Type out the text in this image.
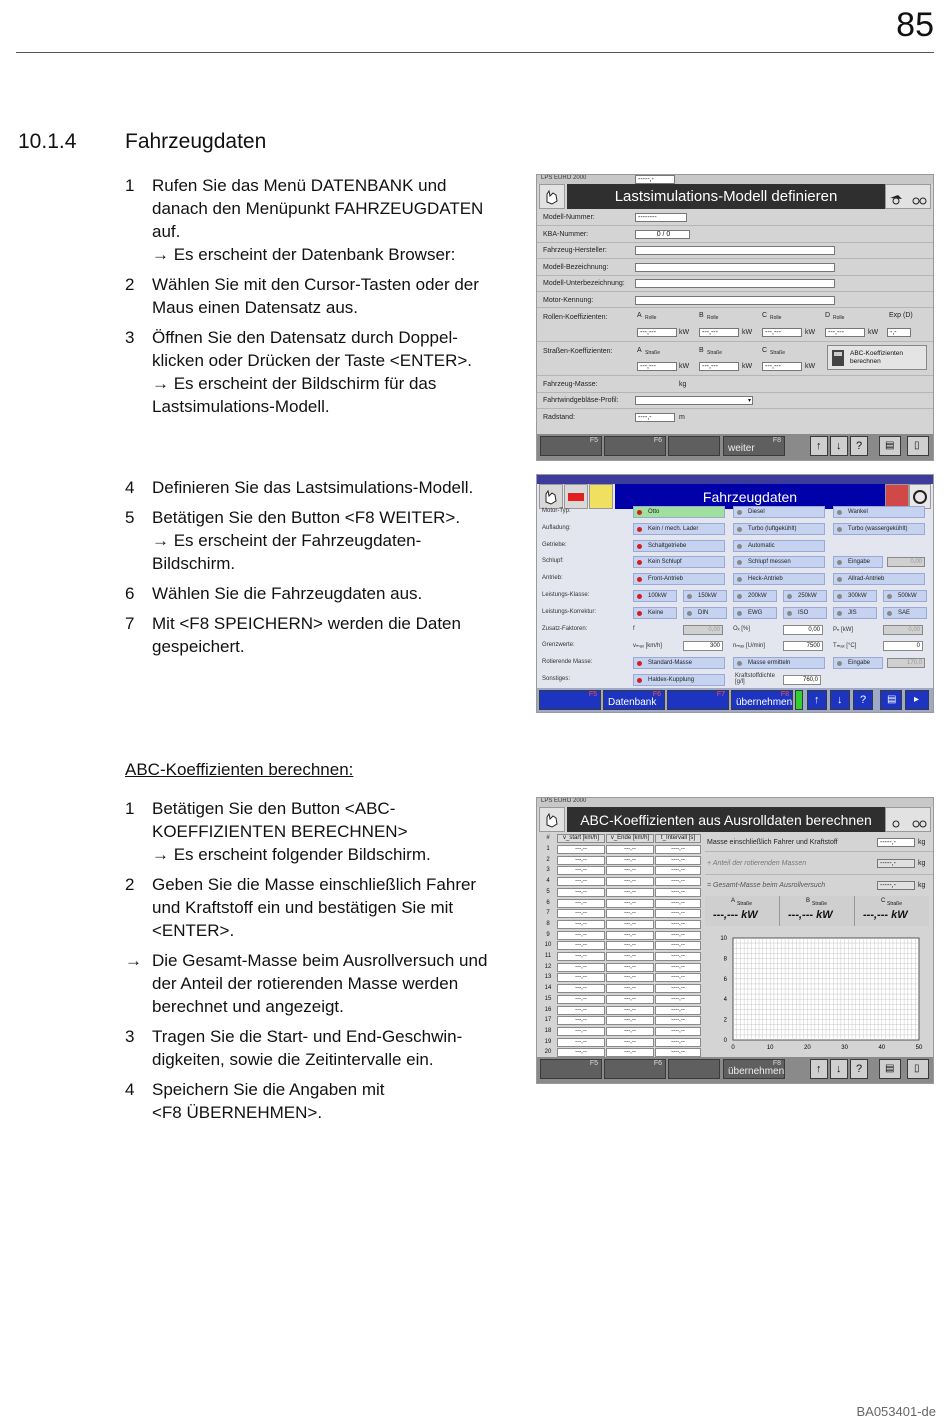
85
10.1.4 Fahrzeugdaten
1 Rufen Sie das Menü DATENBANK und
danach den Menüpunkt FAHRZEUGDATEN
auf.
→ Es erscheint der Datenbank Browser:
2 Wählen Sie mit den Cursor-Tasten oder der
Maus einen Datensatz aus.
3 Öffnen Sie den Datensatz durch Doppel-
klicken oder Drücken der Taste <ENTER>.
→ Es erscheint der Bildschirm für das
Lastsimulations-Modell.
4 Definieren Sie das Lastsimulations-Modell.
5 Betätigen Sie den Button <F8 WEITER>.
→ Es erscheint der Fahrzeugdaten-
Bildschirm.
6 Wählen Sie die Fahrzeugdaten aus.
7 Mit <F8 SPEICHERN> werden die Daten
gespeichert.
ABC-Koeffizienten berechnen:
1 Betätigen Sie den Button <ABC-
KOEFFIZIENTEN BERECHNEN>
→ Es erscheint folgender Bildschirm.
2 Geben Sie die Masse einschließlich Fahrer
und Kraftstoff ein und bestätigen Sie mit
<ENTER>.
→ Die Gesamt-Masse beim Ausrollversuch und
der Anteil der rotierenden Masse werden
berechnet und angezeigt.
3 Tragen Sie die Start- und End-Geschwin-
digkeiten, sowie die Zeitintervalle ein.
4 Speichern Sie die Angaben mit
<F8 ÜBERNEHMEN>.
LPS EURO 2000
Lastsimulations-Modell definieren
Modell-Nummer:	--------
KBA-Nummer:	0 / 0
Fahrzeug-Hersteller:
Modell-Bezeichnung:
Modell-Unterbezeichnung:
Motor-Kennung:
Rollen-Koeffizienten:	A Rolle	B Rolle	C Rolle	D Rolle	Exp (D)
---,---	kW	---,---	kW	---,---	kW	---,---	kW	-,-
Straßen-Koeffizienten:	A Straße	B Straße	C Straße
---,---	kW	---,---	kW	---,---	kW
ABC-Koeffizienten
berechnen
Fahrzeug-Masse:
-----,-
kg
Fahrtwindgebläse-Profil:	▾
Radstand:	----,-	m
F5	F6	F8
weiter	↑ ↓ ? ▤ ▯
Fahrzeugdaten
Motor-Typ:	Otto	Diesel	Wankel
Aufladung:	Kein / mech. Lader	Turbo (luftgekühlt)	Turbo (wassergekühlt)
Getriebe:	Schaltgetriebe	Automatic
Schlupf:	Kein Schlupf	Schlupf messen	Eingabe	0,00
Antrieb:	Front-Antrieb	Heck-Antrieb	Allrad-Antrieb
Leistungs-Klasse:	100kW	150kW	200kW	250kW	300kW	500kW
Leistungs-Korrektur:	Keine	DIN	EWG	ISO	JIS	SAE
Zusatz-Faktoren:	f	0,00	Oₓ [%]	0,00	Pₙ [kW]	0,00
Grenzwerte:	vₘₐₓ [km/h]	300	nₘₐₓ [U/min]	7500	Tₘₐₓ [°C]	0
Rotierende Masse:	Standard-Masse	Masse ermitteln	Eingabe	170,0
Sonstiges:	Haldex-Kupplung
Kraftstoffdichte [g/l]	760,0
F5	F6
Datenbank
F7	F8
übernehmen ↑ ↓ ? ▤ ▸
LPS EURO 2000
ABC-Koeffizienten aus Ausrolldaten berechnen
#	v_start [km/h]	v_Ende [km/h]	t_Intervall [s]
1	---,--	---,--	----,--
2	---,--	---,--	----,--
3	---,--	---,--	----,--
4	---,--	---,--	----,--
5	---,--	---,--	----,--
6	---,--	---,--	----,--
7	---,--	---,--	----,--
8	---,--	---,--	----,--
9	---,--	---,--	----,--
10	---,--	---,--	----,--
11	---,--	---,--	----,--
12	---,--	---,--	----,--
13	---,--	---,--	----,--
14	---,--	---,--	----,--
15	---,--	---,--	----,--
16	---,--	---,--	----,--
17	---,--	---,--	----,--
18	---,--	---,--	----,--
19	---,--	---,--	----,--
20	---,--	---,--	----,--
Masse einschließlich Fahrer und Kraftstoff	-----,-	kg
+ Anteil der rotierenden Massen	-----,-	kg
= Gesamt-Masse beim Ausrollversuch	-----,-	kg
A Straße
---,--- kW
B Straße
---,--- kW
C Straße
---,--- kW
10
8
6
4
2
0
0	10	20	30	40	50
F5	F6	F8
übernehmen	↑ ↓ ? ▤ ▯
BA053401-de
